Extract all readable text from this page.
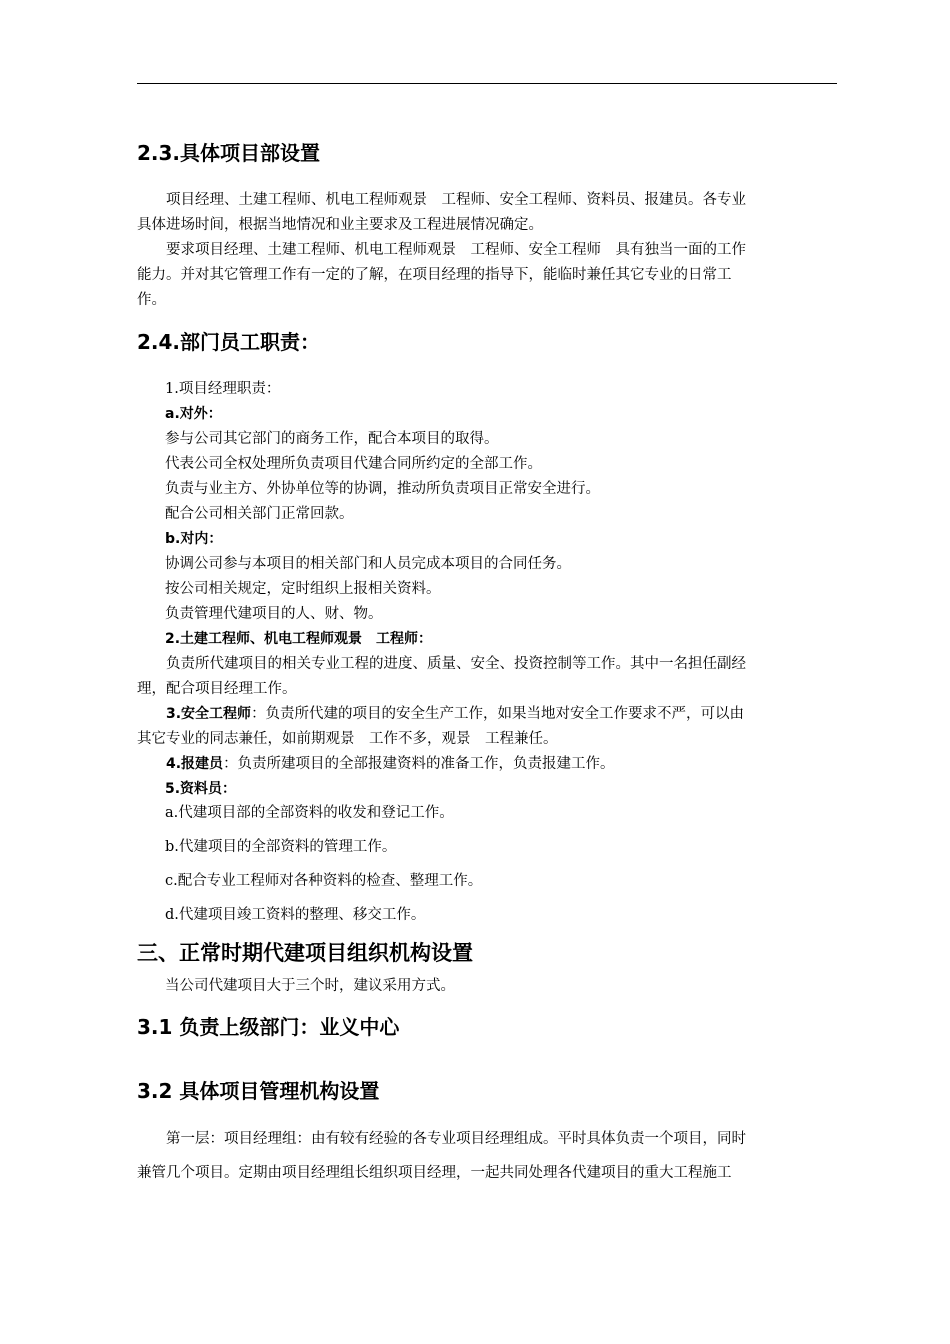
2.3.具体项目部设置

项目经理、土建工程师、机电工程师观景　工程师、安全工程师、资料员、报建员。各专业

具体进场时间，根据当地情况和业主要求及工程进展情况确定。

要求项目经理、土建工程师、机电工程师观景　工程师、安全工程师　具有独当一面的工作

能力。并对其它管理工作有一定的了解，在项目经理的指导下，能临时兼任其它专业的日常工

作。

2.4.部门员工职责：

1.项目经理职责：

a.对外：

参与公司其它部门的商务工作，配合本项目的取得。

代表公司全权处理所负责项目代建合同所约定的全部工作。

负责与业主方、外协单位等的协调，推动所负责项目正常安全进行。

配合公司相关部门正常回款。

b.对内：

协调公司参与本项目的相关部门和人员完成本项目的合同任务。

按公司相关规定，定时组织上报相关资料。

负责管理代建项目的人、财、物。

2.土建工程师、机电工程师观景　工程师：

负责所代建项目的相关专业工程的进度、质量、安全、投资控制等工作。其中一名担任副经

理，配合项目经理工作。

3.安全工程师：负责所代建的项目的安全生产工作，如果当地对安全工作要求不严，可以由

其它专业的同志兼任，如前期观景　工作不多，观景　工程兼任。

4.报建员：负责所建项目的全部报建资料的准备工作，负责报建工作。

5.资料员：

a.代建项目部的全部资料的收发和登记工作。

b.代建项目的全部资料的管理工作。

c.配合专业工程师对各种资料的检查、整理工作。

d.代建项目竣工资料的整理、移交工作。

三、正常时期代建项目组织机构设置

当公司代建项目大于三个时，建议采用方式。

3.1 负责上级部门：业义中心
3.2 具体项目管理机构设置

第一层：项目经理组：由有较有经验的各专业项目经理组成。平时具体负责一个项目，同时

兼管几个项目。定期由项目经理组长组织项目经理，一起共同处理各代建项目的重大工程施工
